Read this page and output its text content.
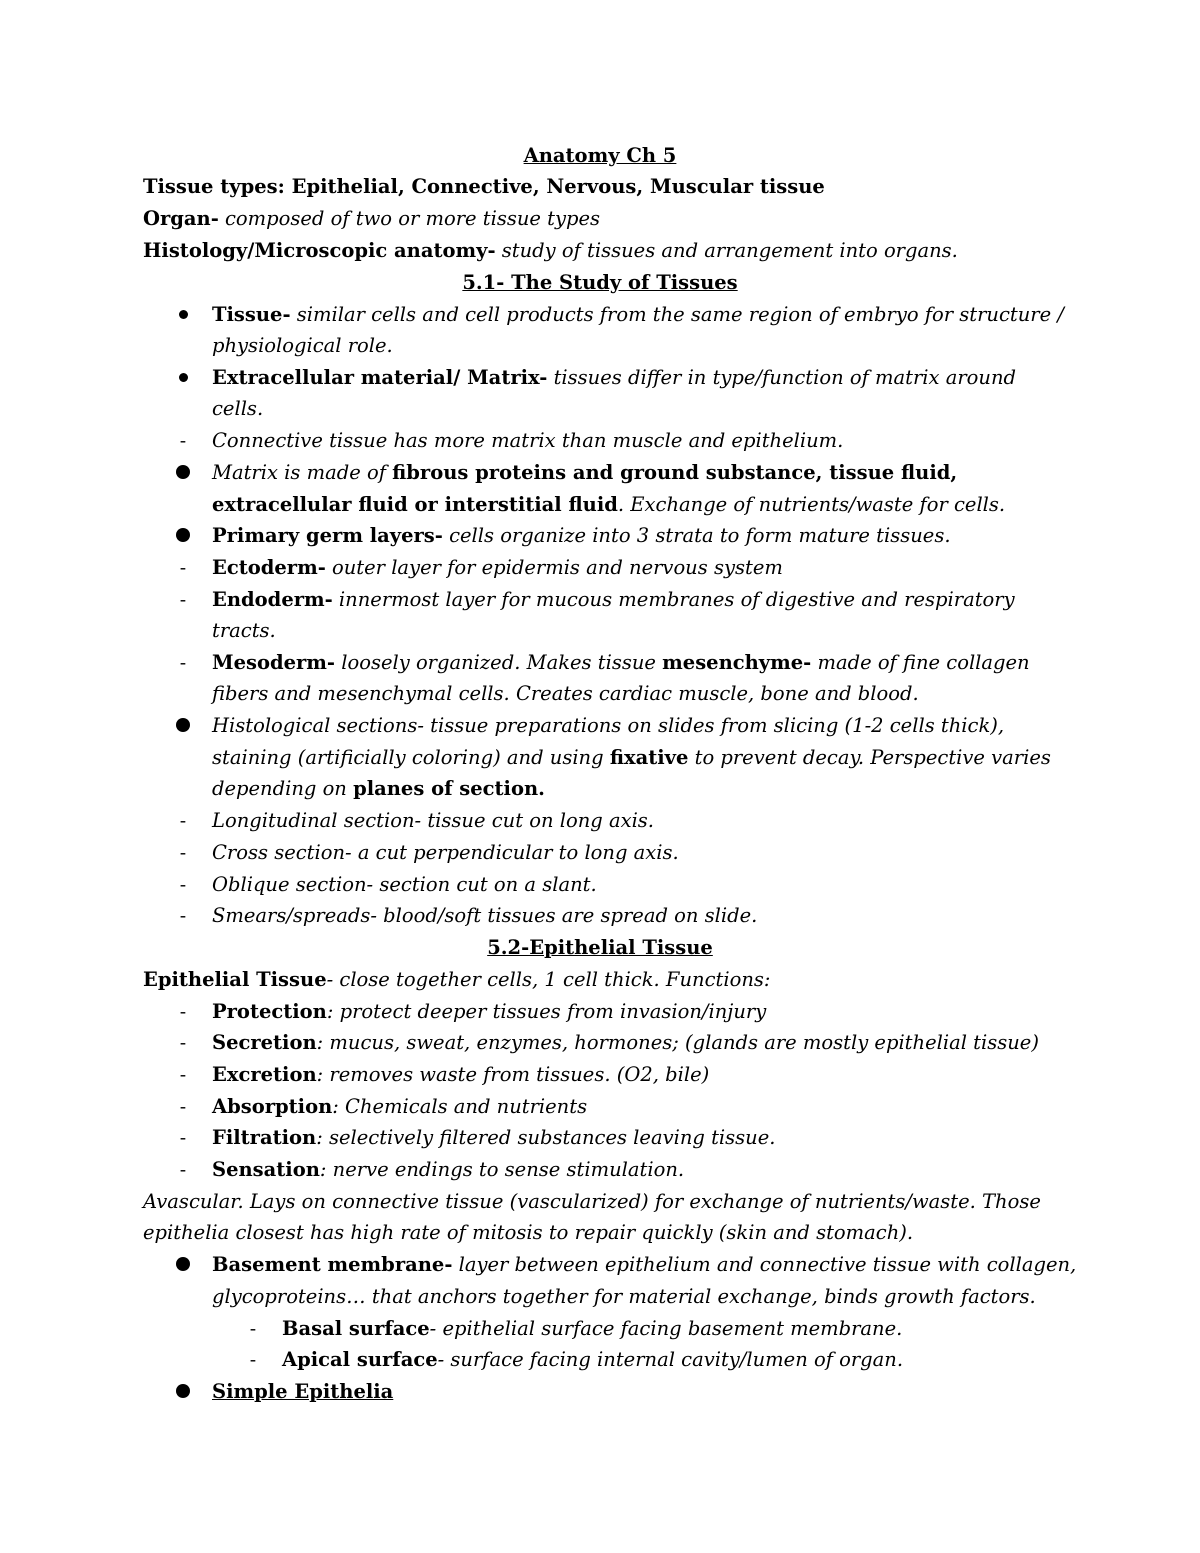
Anatomy Ch 5
Tissue types: Epithelial, Connective, Nervous, Muscular tissue
Organ- composed of two or more tissue types
Histology/Microscopic anatomy- study of tissues and arrangement into organs.
5.1- The Study of Tissues
Tissue- similar cells and cell products from the same region of embryo for structure /
physiological role.
Extracellular material/ Matrix- tissues differ in type/function of matrix around
cells.
-	Connective tissue has more matrix than muscle and epithelium.
Matrix is made of fibrous proteins and ground substance, tissue fluid,
extracellular fluid or interstitial fluid. Exchange of nutrients/waste for cells.
Primary germ layers- cells organize into 3 strata to form mature tissues.
-	Ectoderm- outer layer for epidermis and nervous system
-	Endoderm- innermost layer for mucous membranes of digestive and respiratory
tracts.
-	Mesoderm- loosely organized. Makes tissue mesenchyme- made of fine collagen
fibers and mesenchymal cells. Creates cardiac muscle, bone and blood.
Histological sections- tissue preparations on slides from slicing (1-2 cells thick),
staining (artificially coloring) and using fixative to prevent decay. Perspective varies
depending on planes of section.
-	Longitudinal section- tissue cut on long axis.
-	Cross section- a cut perpendicular to long axis.
-	Oblique section- section cut on a slant.
-	Smears/spreads- blood/soft tissues are spread on slide.
5.2-Epithelial Tissue
Epithelial Tissue- close together cells, 1 cell thick. Functions:
-	Protection: protect deeper tissues from invasion/injury
-	Secretion: mucus, sweat, enzymes, hormones; (glands are mostly epithelial tissue)
-	Excretion: removes waste from tissues. (O2, bile)
-	Absorption: Chemicals and nutrients
-	Filtration: selectively filtered substances leaving tissue.
-	Sensation: nerve endings to sense stimulation.
Avascular. Lays on connective tissue (vascularized) for exchange of nutrients/waste. Those
epithelia closest has high rate of mitosis to repair quickly (skin and stomach).
Basement membrane- layer between epithelium and connective tissue with collagen,
glycoproteins… that anchors together for material exchange, binds growth factors.
-	Basal surface- epithelial surface facing basement membrane.
-	Apical surface- surface facing internal cavity/lumen of organ.
Simple Epithelia
